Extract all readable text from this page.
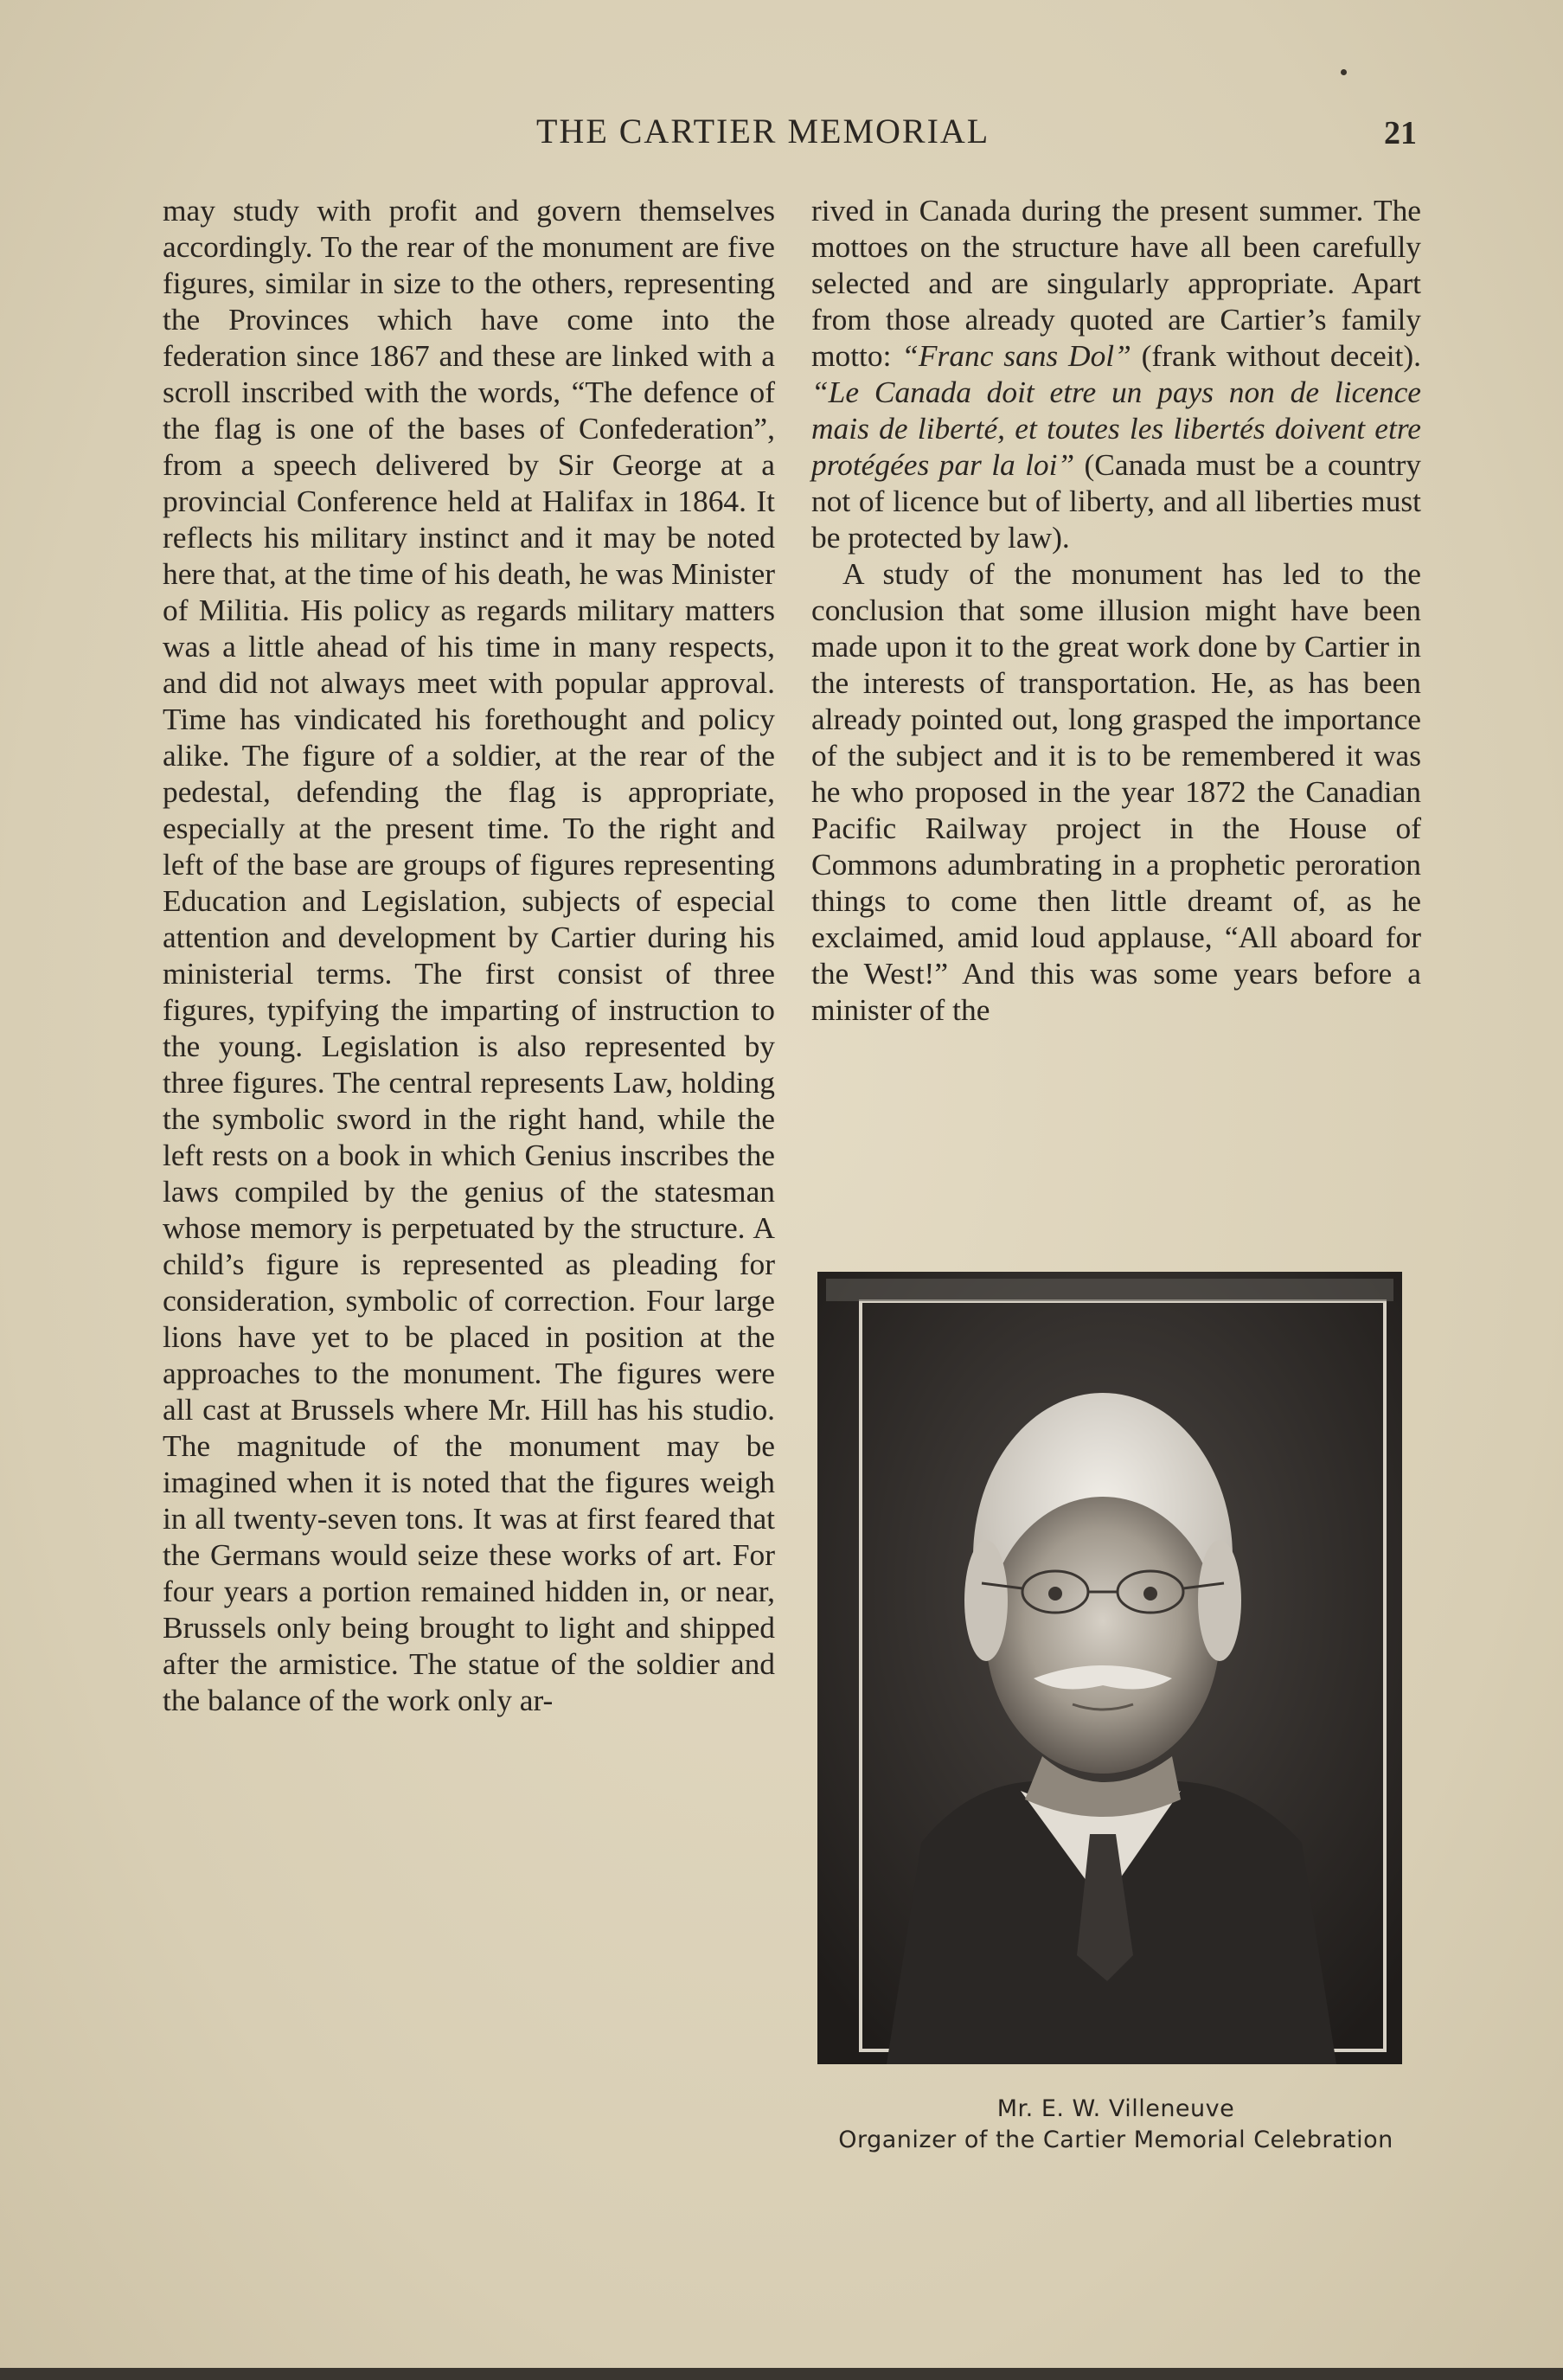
THE CARTIER MEMORIAL	21

may study with profit and govern themselves accordingly. To the rear of the monument are five figures, similar in size to the others, representing the Provinces which have come into the federation since 1867 and these are linked with a scroll inscribed with the words, “The defence of the flag is one of the bases of Confederation”, from a speech delivered by Sir George at a provincial Conference held at Halifax in 1864. It reflects his military instinct and it may be noted here that, at the time of his death, he was Minister of Militia. His policy as regards military matters was a little ahead of his time in many respects, and did not always meet with popular approval. Time has vindicated his forethought and policy alike. The figure of a soldier, at the rear of the pedestal, defending the flag is appropriate, especially at the present time. To the right and left of the base are groups of figures representing Education and Legislation, subjects of especial attention and development by Cartier during his ministerial terms. The first consist of three figures, typifying the imparting of instruction to the young. Legislation is also represented by three figures. The central represents Law, holding the symbolic sword in the right hand, while the left rests on a book in which Genius inscribes the laws compiled by the genius of the statesman whose memory is perpetuated by the structure. A child’s figure is represented as pleading for consideration, symbolic of correction. Four large lions have yet to be placed in position at the approaches to the monument. The figures were all cast at Brussels where Mr. Hill has his studio. The magnitude of the monument may be imagined when it is noted that the figures weigh in all twenty-seven tons. It was at first feared that the Germans would seize these works of art. For four years a portion remained hidden in, or near, Brussels only being brought to light and shipped after the armistice. The statue of the soldier and the balance of the work only ar-

rived in Canada during the present summer. The mottoes on the structure have all been carefully selected and are singularly appropriate. Apart from those already quoted are Cartier’s family motto: “Franc sans Dol” (frank without deceit). “Le Canada doit etre un pays non de licence mais de liberté, et toutes les libertés doivent etre protégées par la loi” (Canada must be a country not of licence but of liberty, and all liberties must be protected by law).

A study of the monument has led to the conclusion that some illusion might have been made upon it to the great work done by Cartier in the interests of transportation. He, as has been already pointed out, long grasped the importance of the subject and it is to be remembered it was he who proposed in the year 1872 the Canadian Pacific Railway project in the House of Commons adumbrating in a prophetic peroration things to come then little dreamt of, as he exclaimed, amid loud applause, “All aboard for the West!” And this was some years before a minister of the

Mr. E. W. Villeneuve
Organizer of the Cartier Memorial Celebration
